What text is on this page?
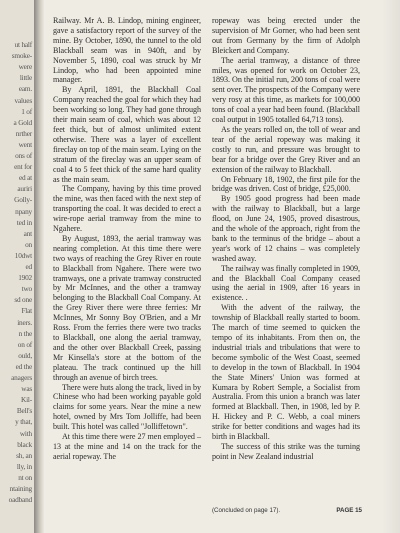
ut half
smoke-
were
little
eam.
values
1 of
a Gold
nrther
went
ons of
ent for
ed at
auriri
Golly-
npany
ted in
ant
on
10dwt
ed
1902
two
sd one
Flat
iners.
n the
on of
ould,
ed the
anagers
was
Kil-
Bell's
y that,
with
black
sh, an
lly, in
nt on
ntaining
oadband

Railway. Mr A. B. Lindop, mining engineer, gave a satisfactory report of the survey of the mine. By October, 1890, the tunnel to the old Blackball seam was in 940ft, and by November 5, 1890, coal was struck by Mr Lindop, who had been appointed mine manager.

By April, 1891, the Blackball Coal Company reached the goal for which they had been working so long. They had gone through their main seam of coal, which was about 12 feet thick, but of almost unlimited extent otherwise. There was a layer of excellent fireclay on top of the main seam. Lying on the stratum of the fireclay was an upper seam of coal 4 to 5 feet thick of the same hard quality as the main seam.

The Company, having by this time proved the mine, was then faced with the next step of transporting the coal. It was decided to erect a wire-rope aerial tramway from the mine to Ngahere.

By August, 1893, the aerial tramway was nearing completion. At this time there were two ways of reaching the Grey River en route to Blackball from Ngahere. There were two tramways, one a private tramway constructed by Mr McInnes, and the other a tramway belonging to the Blackball Coal Company. At the Grey River there were three ferries: Mr McInnes, Mr Sonny Boy O'Brien, and a Mr Ross. From the ferries there were two tracks to Blackball, one along the aerial tramway, and the other over Blackball Creek, passing Mr Kinsella's store at the bottom of the plateau. The track continued up the hill through an avenue of birch trees.

There were huts along the track, lived in by Chinese who had been working payable gold claims for some years. Near the mine a new hotel, owned by Mrs Tom Jolliffe, had been built. This hotel was called "Jolliffetown".

At this time there were 27 men employed – 13 at the mine and 14 on the track for the aerial ropeway. The

ropeway was being erected under the supervision of Mr Gorner, who had been sent out from Germany by the firm of Adolph Bleickert and Company.

The aerial tramway, a distance of three miles, was opened for work on October 23, 1893. On the initial run, 200 tons of coal were sent over. The prospects of the Company were very rosy at this time, as markets for 100,000 tons of coal a year had been found. (Blackball coal output in 1905 totalled 64,713 tons).

As the years rolled on, the toll of wear and tear of the aerial ropeway was making it costly to run, and pressure was brought to bear for a bridge over the Grey River and an extension of the railway to Blackball.

On February 18, 1902, the first pile for the bridge was driven. Cost of bridge, £25,000.

By 1905 good progress had been made with the railway to Blackball, but a large flood, on June 24, 1905, proved disastrous, and the whole of the approach, right from the bank to the terminus of the bridge – about a year's work of 12 chains – was completely washed away.

The railway was finally completed in 1909, and the Blackball Coal Company ceased using the aerial in 1909, after 16 years in existence. .

With the advent of the railway, the township of Blackball really started to boom. The march of time seemed to quicken the tempo of its inhabitants. From then on, the industrial trials and tribulations that were to become symbolic of the West Coast, seemed to develop in the town of Blackball. In 1904 the State Miners' Union was formed at Kumara by Robert Semple, a Socialist from Australia. From this union a branch was later formed at Blackball. Then, in 1908, led by P. H. Hickey and P. C. Webb, a coal miners strike for better conditions and wages had its birth in Blackball.

The success of this strike was the turning point in New Zealand industrial

(Concluded on page 17).	PAGE 15
